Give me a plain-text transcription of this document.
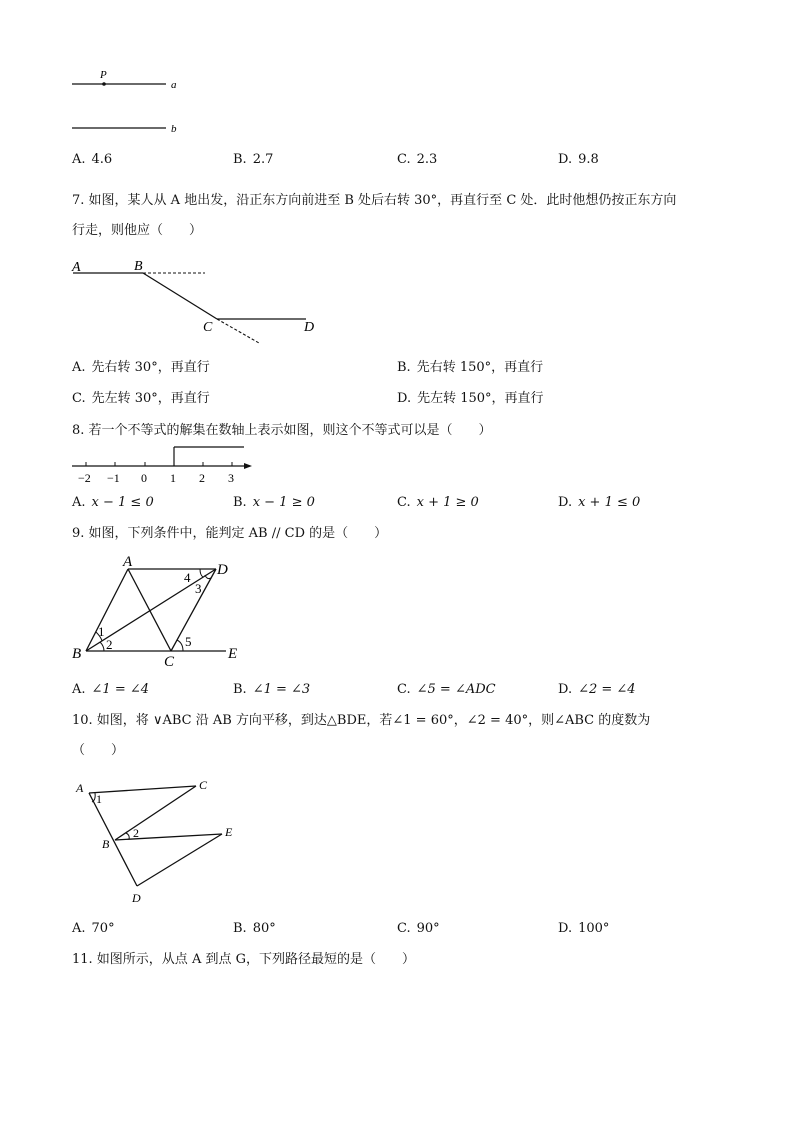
P
a
b
A. 4.6	B. 2.7	C. 2.3	D. 9.8
7. 如图，某人从 A 地出发，沿正东方向前进至 B 处后右转 30°，再直行至 C 处．此时他想仍按正东方向
行走，则他应（　　）
A	B
C	D
A. 先右转 30°，再直行	B. 先右转 150°，再直行
C. 先左转 30°，再直行	D. 先左转 150°，再直行
8. 若一个不等式的解集在数轴上表示如图，则这个不等式可以是（　　）
−2 −1 0 1 2 3
A. x − 1 ≤ 0	B. x − 1 ≥ 0	C. x + 1 ≥ 0	D. x + 1 ≤ 0
9. 如图，下列条件中，能判定 AB // CD 的是（　　）
A	D
B	C	E
1
2
4
3
5
A. ∠1 = ∠4	B. ∠1 = ∠3	C. ∠5 = ∠ADC	D. ∠2 = ∠4
10. 如图，将 ∨ABC 沿 AB 方向平移，到达△BDE，若∠1 = 60°，∠2 = 40°，则∠ABC 的度数为
（　　）
A	C
B
E
D
1
2
A. 70°	B. 80°	C. 90°	D. 100°
11. 如图所示，从点 A 到点 G，下列路径最短的是（　　）
